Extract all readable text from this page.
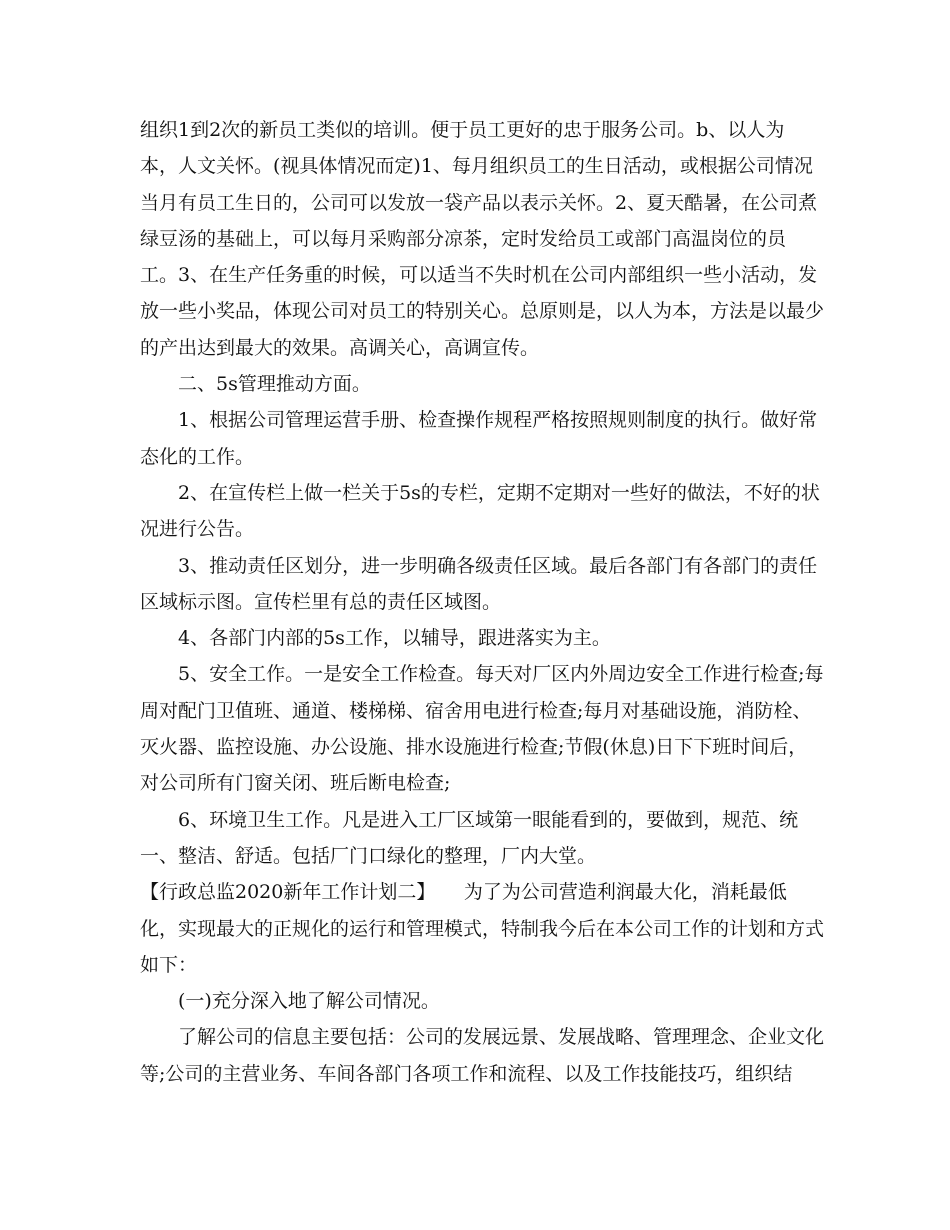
组织1到2次的新员工类似的培训。便于员工更好的忠于服务公司。b、以人为
本，人文关怀。(视具体情况而定)1、每月组织员工的生日活动，或根据公司情况
当月有员工生日的，公司可以发放一袋产品以表示关怀。2、夏天酷暑，在公司煮
绿豆汤的基础上，可以每月采购部分凉茶，定时发给员工或部门高温岗位的员
工。3、在生产任务重的时候，可以适当不失时机在公司内部组织一些小活动，发
放一些小奖品，体现公司对员工的特别关心。总原则是，以人为本，方法是以最少
的产出达到最大的效果。高调关心，高调宣传。
二、5s管理推动方面。
1、根据公司管理运营手册、检查操作规程严格按照规则制度的执行。做好常
态化的工作。
2、在宣传栏上做一栏关于5s的专栏，定期不定期对一些好的做法，不好的状
况进行公告。
3、推动责任区划分，进一步明确各级责任区域。最后各部门有各部门的责任
区域标示图。宣传栏里有总的责任区域图。
4、各部门内部的5s工作，以辅导，跟进落实为主。
5、安全工作。一是安全工作检查。每天对厂区内外周边安全工作进行检查;每
周对配门卫值班、通道、楼梯梯、宿舍用电进行检查;每月对基础设施，消防栓、
灭火器、监控设施、办公设施、排水设施进行检查;节假(休息)日下下班时间后，
对公司所有门窗关闭、班后断电检查;
6、环境卫生工作。凡是进入工厂区域第一眼能看到的，要做到，规范、统
一、整洁、舒适。包括厂门口绿化的整理，厂内大堂。
【行政总监2020新年工作计划二】　　为了为公司营造利润最大化，消耗最低
化，实现最大的正规化的运行和管理模式，特制我今后在本公司工作的计划和方式
如下：
(一)充分深入地了解公司情况。
了解公司的信息主要包括：公司的发展远景、发展战略、管理理念、企业文化
等;公司的主营业务、车间各部门各项工作和流程、以及工作技能技巧，组织结
